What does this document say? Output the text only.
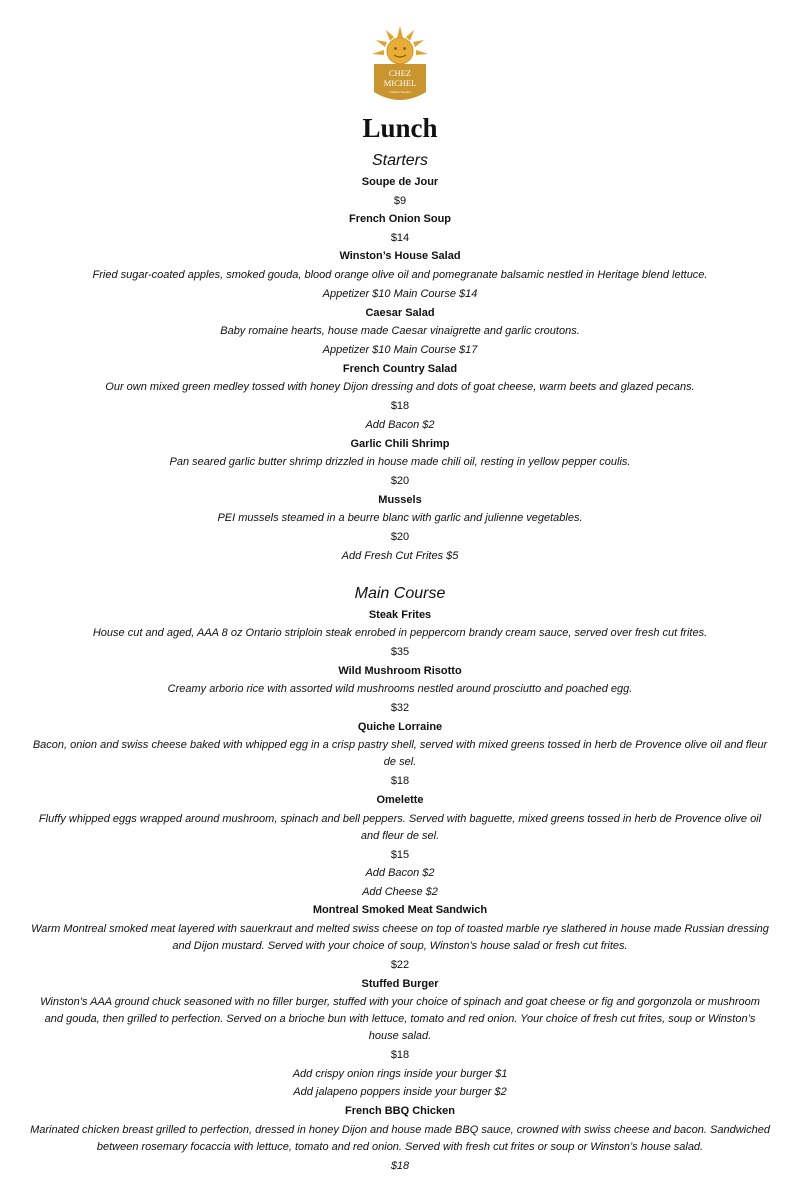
CHEZ
MICHEL
Cuisine Française
Lunch
Starters
Soupe de Jour
$9
French Onion Soup
$14
Winston’s House Salad
Fried sugar-coated apples, smoked gouda, blood orange olive oil and pomegranate balsamic nestled in Heritage blend lettuce.
Appetizer $10 Main Course $14
Caesar Salad
Baby romaine hearts, house made Caesar vinaigrette and garlic croutons.
Appetizer $10 Main Course $17
French Country Salad
Our own mixed green medley tossed with honey Dijon dressing and dots of goat cheese, warm beets and glazed pecans.
$18
Add Bacon $2
Garlic Chili Shrimp
Pan seared garlic butter shrimp drizzled in house made chili oil, resting in yellow pepper coulis.
$20
Mussels
PEI mussels steamed in a beurre blanc with garlic and julienne vegetables.
$20
Add Fresh Cut Frites $5
Main Course
Steak Frites
House cut and aged, AAA 8 oz Ontario striploin steak enrobed in peppercorn brandy cream sauce, served over fresh cut frites.
$35
Wild Mushroom Risotto
Creamy arborio rice with assorted wild mushrooms nestled around prosciutto and poached egg.
$32
Quiche Lorraine
Bacon, onion and swiss cheese baked with whipped egg in a crisp pastry shell, served with mixed greens tossed in herb de Provence olive oil and fleur de sel.
$18
Omelette
Fluffy whipped eggs wrapped around mushroom, spinach and bell peppers. Served with baguette, mixed greens tossed in herb de Provence olive oil and fleur de sel.
$15
Add Bacon $2
Add Cheese $2
Montreal Smoked Meat Sandwich
Warm Montreal smoked meat layered with sauerkraut and melted swiss cheese on top of toasted marble rye slathered in house made Russian dressing and Dijon mustard. Served with your choice of soup, Winston’s house salad or fresh cut frites.
$22
Stuffed Burger
Winston’s AAA ground chuck seasoned with no filler burger, stuffed with your choice of spinach and goat cheese or fig and gorgonzola or mushroom and gouda, then grilled to perfection. Served on a brioche bun with lettuce, tomato and red onion. Your choice of fresh cut frites, soup or Winston’s house salad.
$18
Add crispy onion rings inside your burger $1
Add jalapeno poppers inside your burger $2
French BBQ Chicken
Marinated chicken breast grilled to perfection, dressed in honey Dijon and house made BBQ sauce, crowned with swiss cheese and bacon. Sandwiched between rosemary focaccia with lettuce, tomato and red onion. Served with fresh cut frites or soup or Winston’s house salad.
$18
